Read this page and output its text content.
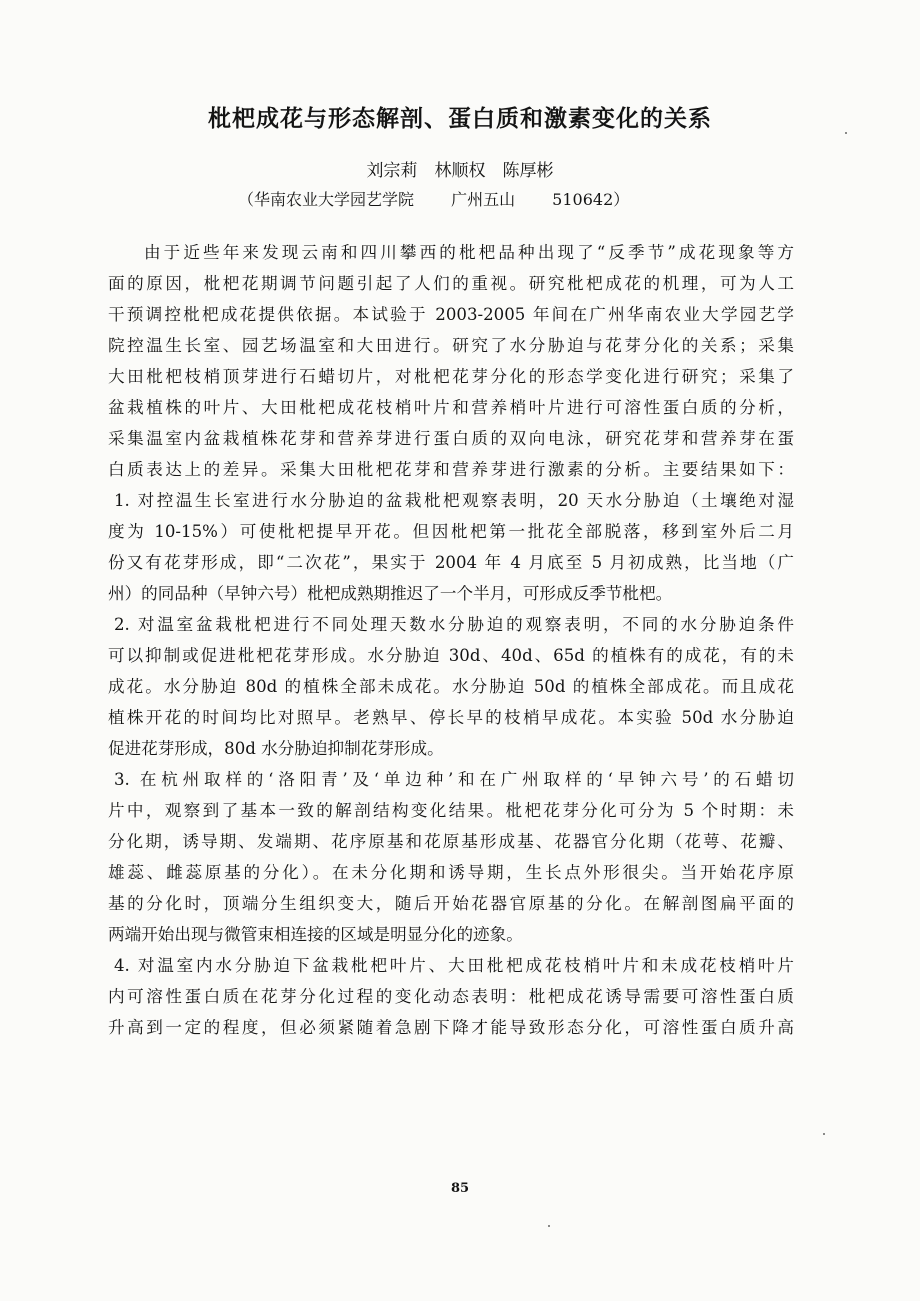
枇杷成花与形态解剖、蛋白质和激素变化的关系
刘宗莉　林顺权　陈厚彬
（华南农业大学园艺学院　　 广州五山　　 510642）
由于近些年来发现云南和四川攀西的枇杷品种出现了“反季节”成花现象等方
面的原因，枇杷花期调节问题引起了人们的重视。研究枇杷成花的机理，可为人工
干预调控枇杷成花提供依据。本试验于 2003-2005 年间在广州华南农业大学园艺学
院控温生长室、园艺场温室和大田进行。研究了水分胁迫与花芽分化的关系；采集
大田枇杷枝梢顶芽进行石蜡切片，对枇杷花芽分化的形态学变化进行研究；采集了
盆栽植株的叶片、大田枇杷成花枝梢叶片和营养梢叶片进行可溶性蛋白质的分析，
采集温室内盆栽植株花芽和营养芽进行蛋白质的双向电泳，研究花芽和营养芽在蛋
白质表达上的差异。采集大田枇杷花芽和营养芽进行激素的分析。主要结果如下：
1. 对控温生长室进行水分胁迫的盆栽枇杷观察表明，20 天水分胁迫（土壤绝对湿
度为 10-15%）可使枇杷提早开花。但因枇杷第一批花全部脱落，移到室外后二月
份又有花芽形成，即“二次花”，果实于 2004 年 4 月底至 5 月初成熟，比当地（广
州）的同品种（早钟六号）枇杷成熟期推迟了一个半月，可形成反季节枇杷。
2. 对温室盆栽枇杷进行不同处理天数水分胁迫的观察表明，不同的水分胁迫条件
可以抑制或促进枇杷花芽形成。水分胁迫 30d、40d、65d 的植株有的成花，有的未
成花。水分胁迫 80d 的植株全部未成花。水分胁迫 50d 的植株全部成花。而且成花
植株开花的时间均比对照早。老熟早、停长早的枝梢早成花。本实验 50d 水分胁迫
促进花芽形成，80d 水分胁迫抑制花芽形成。
3. 在杭州取样的‘洛阳青’及‘单边种’和在广州取样的‘早钟六号’的石蜡切
片中，观察到了基本一致的解剖结构变化结果。枇杷花芽分化可分为 5 个时期：未
分化期，诱导期、发端期、花序原基和花原基形成基、花器官分化期（花萼、花瓣、
雄蕊、雌蕊原基的分化）。在未分化期和诱导期，生长点外形很尖。当开始花序原
基的分化时，顶端分生组织变大，随后开始花器官原基的分化。在解剖图扁平面的
两端开始出现与微管束相连接的区域是明显分化的迹象。
4. 对温室内水分胁迫下盆栽枇杷叶片、大田枇杷成花枝梢叶片和未成花枝梢叶片
内可溶性蛋白质在花芽分化过程的变化动态表明：枇杷成花诱导需要可溶性蛋白质
升高到一定的程度，但必须紧随着急剧下降才能导致形态分化，可溶性蛋白质升高
85
